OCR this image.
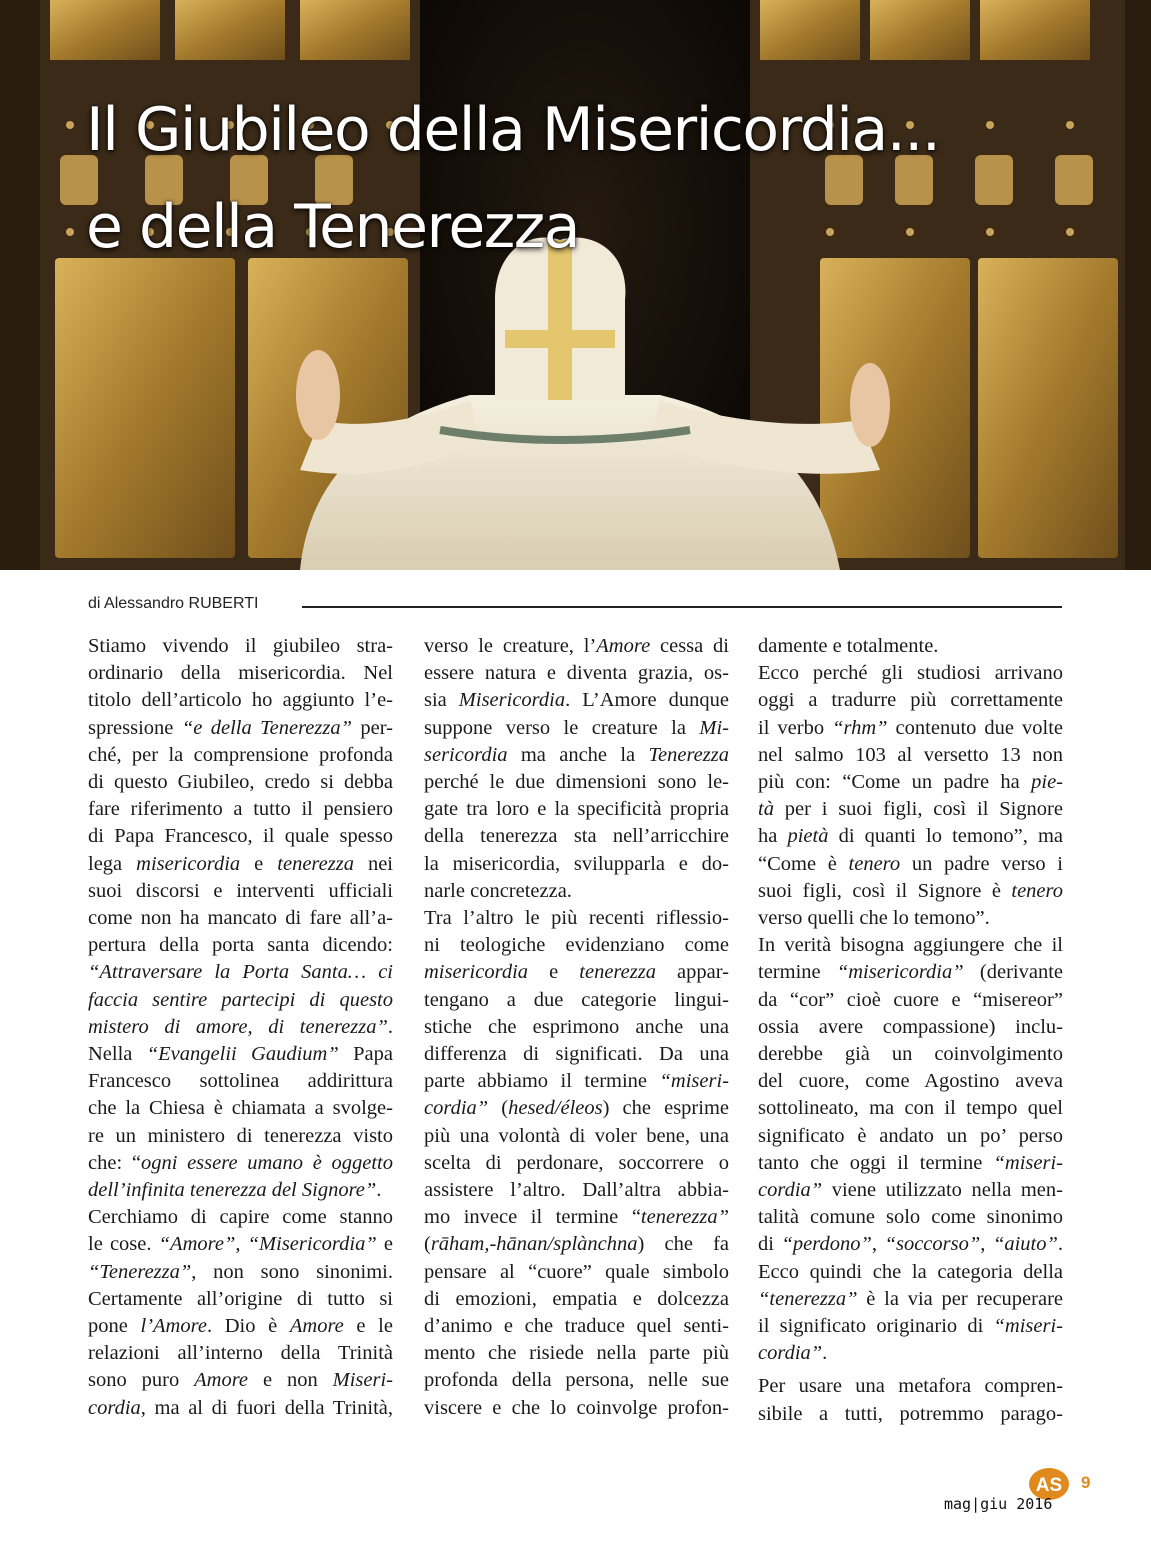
Il Giubileo della Misericordia...
e della Tenerezza
di Alessandro RUBERTI

Stiamo vivendo il giubileo stra-
ordinario della misericordia. Nel
titolo dell’articolo ho aggiunto l’e-
spressione “e della Tenerezza” per-
ché, per la comprensione profonda
di questo Giubileo, credo si debba
fare riferimento a tutto il pensiero
di Papa Francesco, il quale spesso
lega misericordia e tenerezza nei
suoi discorsi e interventi ufficiali
come non ha mancato di fare all’a-
pertura della porta santa dicendo:
“Attraversare la Porta Santa… ci
faccia sentire partecipi di questo
mistero di amore, di tenerezza”.
Nella “Evangelii Gaudium” Papa
Francesco sottolinea addirittura
che la Chiesa è chiamata a svolge-
re un ministero di tenerezza visto
che: “ogni essere umano è oggetto
dell’infinita tenerezza del Signore”.

Cerchiamo di capire come stanno
le cose. “Amore”, “Misericordia” e
“Tenerezza”, non sono sinonimi.
Certamente all’origine di tutto si
pone l’Amore. Dio è Amore e le
relazioni all’interno della Trinità
sono puro Amore e non Miseri-
cordia, ma al di fuori della Trinità,

verso le creature, l’Amore cessa di
essere natura e diventa grazia, os-
sia Misericordia. L’Amore dunque
suppone verso le creature la Mi-
sericordia ma anche la Tenerezza
perché le due dimensioni sono le-
gate tra loro e la specificità propria
della tenerezza sta nell’arricchire
la misericordia, svilupparla e do-
narle concretezza.

Tra l’altro le più recenti riflessio-
ni teologiche evidenziano come
misericordia e tenerezza appar-
tengano a due categorie lingui-
stiche che esprimono anche una
differenza di significati. Da una
parte abbiamo il termine “miseri-
cordia” (hesed/éleos) che esprime
più una volontà di voler bene, una
scelta di perdonare, soccorrere o
assistere l’altro. Dall’altra abbia-
mo invece il termine “tenerezza”
(rāham,-hānan/splànchna) che fa
pensare al “cuore” quale simbolo
di emozioni, empatia e dolcezza
d’animo e che traduce quel senti-
mento che risiede nella parte più
profonda della persona, nelle sue
viscere e che lo coinvolge profon-

damente e totalmente.

Ecco perché gli studiosi arrivano
oggi a tradurre più correttamente
il verbo “rhm” contenuto due volte
nel salmo 103 al versetto 13 non
più con: “Come un padre ha pie-
tà per i suoi figli, così il Signore
ha pietà di quanti lo temono”, ma
“Come è tenero un padre verso i
suoi figli, così il Signore è tenero
verso quelli che lo temono”.

In verità bisogna aggiungere che il
termine “misericordia” (derivante
da “cor” cioè cuore e “misereor”
ossia avere compassione) inclu-
derebbe già un coinvolgimento
del cuore, come Agostino aveva
sottolineato, ma con il tempo quel
significato è andato un po’ perso
tanto che oggi il termine “miseri-
cordia” viene utilizzato nella men-
talità comune solo come sinonimo
di “perdono”, “soccorso”, “aiuto”.
Ecco quindi che la categoria della
“tenerezza” è la via per recuperare
il significato originario di “miseri-
cordia”.

Per usare una metafora compren-
sibile a tutti, potremmo parago-

AS 9
mag|giu 2016
